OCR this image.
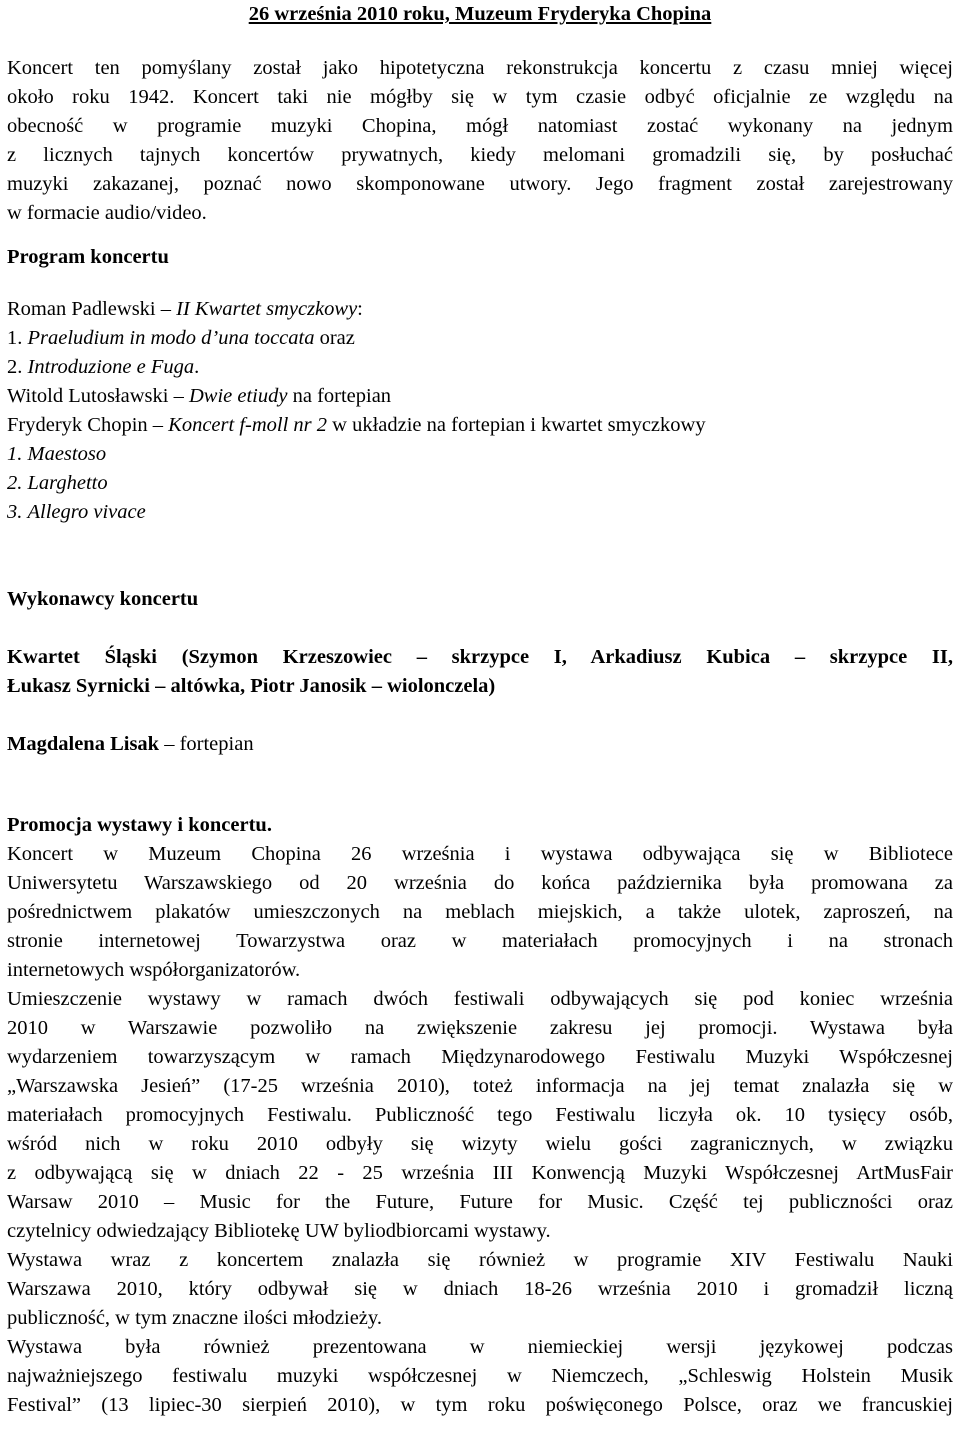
26 września 2010 roku, Muzeum Fryderyka Chopina

Koncert ten pomyślany został jako hipotetyczna rekonstrukcja koncertu z czasu mniej więcej

około roku 1942. Koncert taki nie mógłby się w tym czasie odbyć oficjalnie ze względu na

obecność w programie muzyki Chopina, mógł natomiast zostać wykonany na jednym

z licznych tajnych koncertów prywatnych, kiedy melomani gromadzili się, by posłuchać

muzyki zakazanej, poznać nowo skomponowane utwory. Jego fragment został zarejestrowany

w formacie audio/video.

Program koncertu

Roman Padlewski – II Kwartet smyczkowy:

1. Praeludium in modo d’una toccata oraz

2. Introduzione e Fuga.

Witold Lutosławski – Dwie etiudy na fortepian

Fryderyk Chopin – Koncert f-moll nr 2 w układzie na fortepian i kwartet smyczkowy

1. Maestoso

2. Larghetto

3. Allegro vivace

Wykonawcy koncertu

Kwartet Śląski (Szymon Krzeszowiec – skrzypce I, Arkadiusz Kubica – skrzypce II,

Łukasz Syrnicki – altówka, Piotr Janosik – wiolonczela)

Magdalena Lisak – fortepian

Promocja wystawy i koncertu.

Koncert w Muzeum Chopina 26 września i wystawa odbywająca się w Bibliotece

Uniwersytetu Warszawskiego od 20 września do końca października była promowana za

pośrednictwem plakatów umieszczonych na meblach miejskich, a także ulotek, zaproszeń, na

stronie internetowej Towarzystwa oraz w materiałach promocyjnych i na stronach

internetowych współorganizatorów.

Umieszczenie wystawy w ramach dwóch festiwali odbywających się pod koniec września

2010 w Warszawie pozwoliło na zwiększenie zakresu jej promocji. Wystawa była

wydarzeniem towarzyszącym w ramach Międzynarodowego Festiwalu Muzyki Współczesnej

„Warszawska Jesień” (17-25 września 2010), toteż informacja na jej temat znalazła się w

materiałach promocyjnych Festiwalu. Publiczność tego Festiwalu liczyła ok. 10 tysięcy osób,

wśród nich w roku 2010 odbyły się wizyty wielu gości zagranicznych, w związku

z odbywającą się w dniach 22 - 25 września III Konwencją Muzyki Współczesnej ArtMusFair

Warsaw 2010 – Music for the Future, Future for Music. Część tej publiczności oraz

czytelnicy odwiedzający Bibliotekę UW byliodbiorcami wystawy.

Wystawa wraz z koncertem znalazła się również w programie XIV Festiwalu Nauki

Warszawa 2010, który odbywał się w dniach 18-26 września 2010 i gromadził liczną

publiczność, w tym znaczne ilości młodzieży.

Wystawa była również prezentowana w niemieckiej wersji językowej podczas

najważniejszego festiwalu muzyki współczesnej w Niemczech, „Schleswig Holstein Musik

Festival” (13 lipiec-30 sierpień 2010), w tym roku poświęconego Polsce, oraz we francuskiej
